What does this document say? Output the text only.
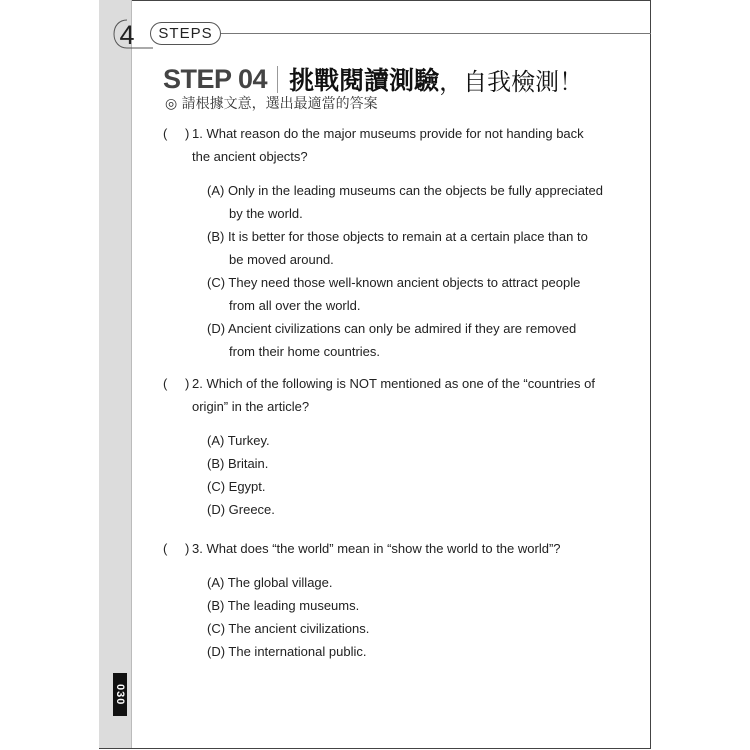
4	STEPS
STEP 04 挑戰閱讀測驗 ，自我檢測！
◎ 請根據文意，選出最適當的答案
( ) 1. What reason do the major museums provide for not handing back the ancient objects?
(A) Only in the leading museums can the objects be fully appreciated by the world.
(B) It is better for those objects to remain at a certain place than to be moved around.
(C) They need those well-known ancient objects to attract people from all over the world.
(D) Ancient civilizations can only be admired if they are removed from their home countries.
( ) 2. Which of the following is NOT mentioned as one of the “countries of origin” in the article?
(A) Turkey.
(B) Britain.
(C) Egypt.
(D) Greece.
( ) 3. What does “the world” mean in “show the world to the world”?
(A) The global village.
(B) The leading museums.
(C) The ancient civilizations.
(D) The international public.
030
